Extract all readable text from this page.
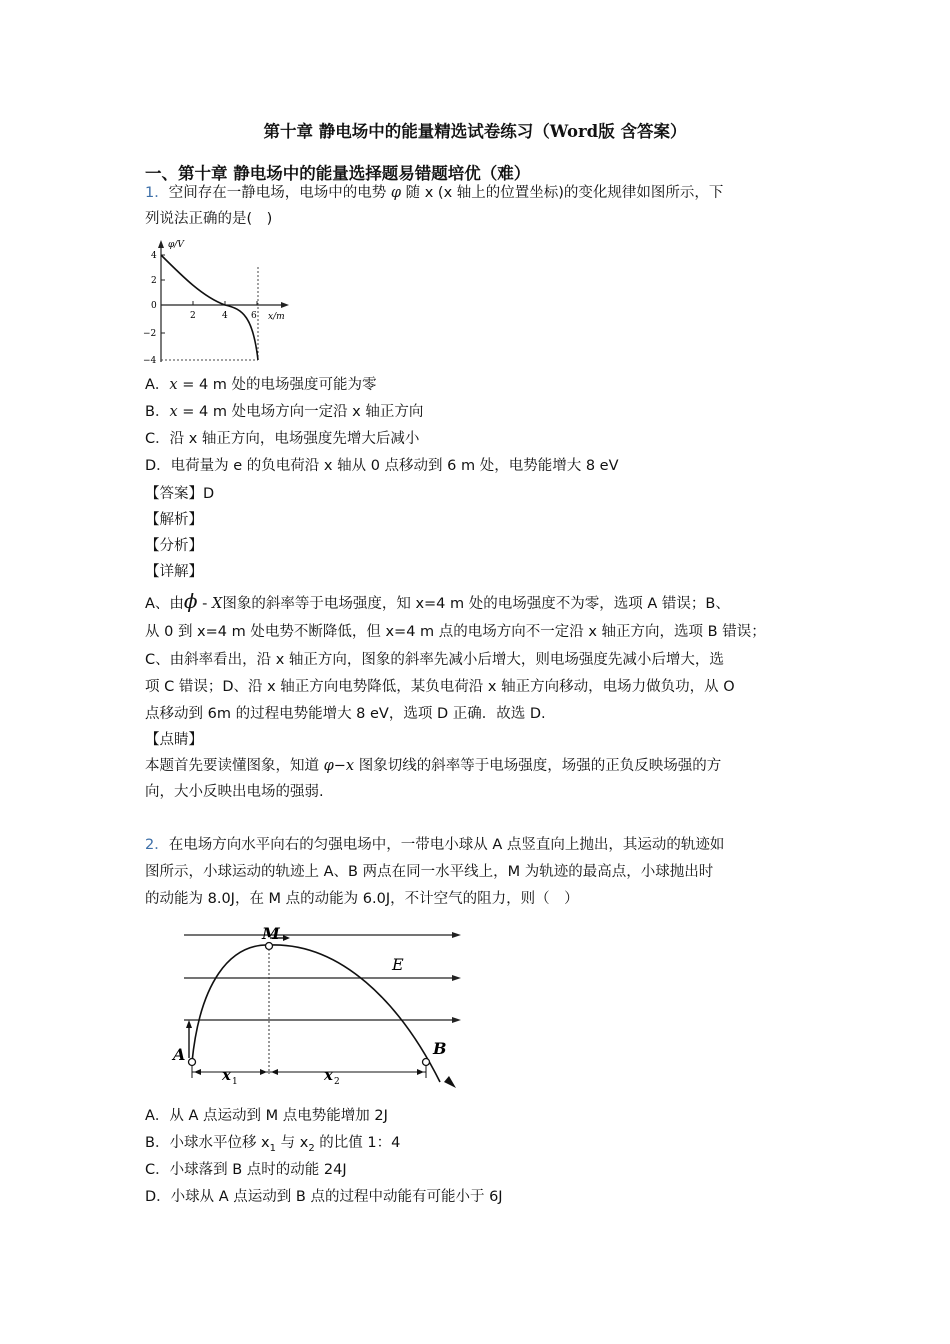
第十章 静电场中的能量精选试卷练习（Word版 含答案）
一、第十章 静电场中的能量选择题易错题培优（难）
1．空间存在一静电场，电场中的电势 φ 随 x (x 轴上的位置坐标)的变化规律如图所示，下
列说法正确的是(　)
φ/V
x/m
4
2
0
−2
−4
2	4	6
A．x = 4 m 处的电场强度可能为零
B．x = 4 m 处电场方向一定沿 x 轴正方向
C．沿 x 轴正方向，电场强度先增大后减小
D．电荷量为 e 的负电荷沿 x 轴从 0 点移动到 6 m 处，电势能增大 8 eV
【答案】D
【解析】
【分析】
【详解】
A、由ϕ - X图象的斜率等于电场强度，知 x=4 m 处的电场强度不为零，选项 A 错误；B、
从 0 到 x=4 m 处电势不断降低，但 x=4 m 点的电场方向不一定沿 x 轴正方向，选项 B 错误；
C、由斜率看出，沿 x 轴正方向，图象的斜率先减小后增大，则电场强度先减小后增大，选
项 C 错误；D、沿 x 轴正方向电势降低，某负电荷沿 x 轴正方向移动，电场力做负功，从 O
点移动到 6m 的过程电势能增大 8 eV，选项 D 正确．故选 D.
【点睛】
本题首先要读懂图象，知道 φ−x 图象切线的斜率等于电场强度，场强的正负反映场强的方
向，大小反映出电场的强弱.
2．在电场方向水平向右的匀强电场中，一带电小球从 A 点竖直向上抛出，其运动的轨迹如
图所示，小球运动的轨迹上 A、B 两点在同一水平线上，M 为轨迹的最高点，小球抛出时
的动能为 8.0J，在 M 点的动能为 6.0J，不计空气的阻力，则（　）
M
E
A	B
x 1	x 2
A．从 A 点运动到 M 点电势能增加 2J
B．小球水平位移 $x_1$ 与 $x_2$ 的比值 1：4
C．小球落到 B 点时的动能 24J
D．小球从 A 点运动到 B 点的过程中动能有可能小于 6J
